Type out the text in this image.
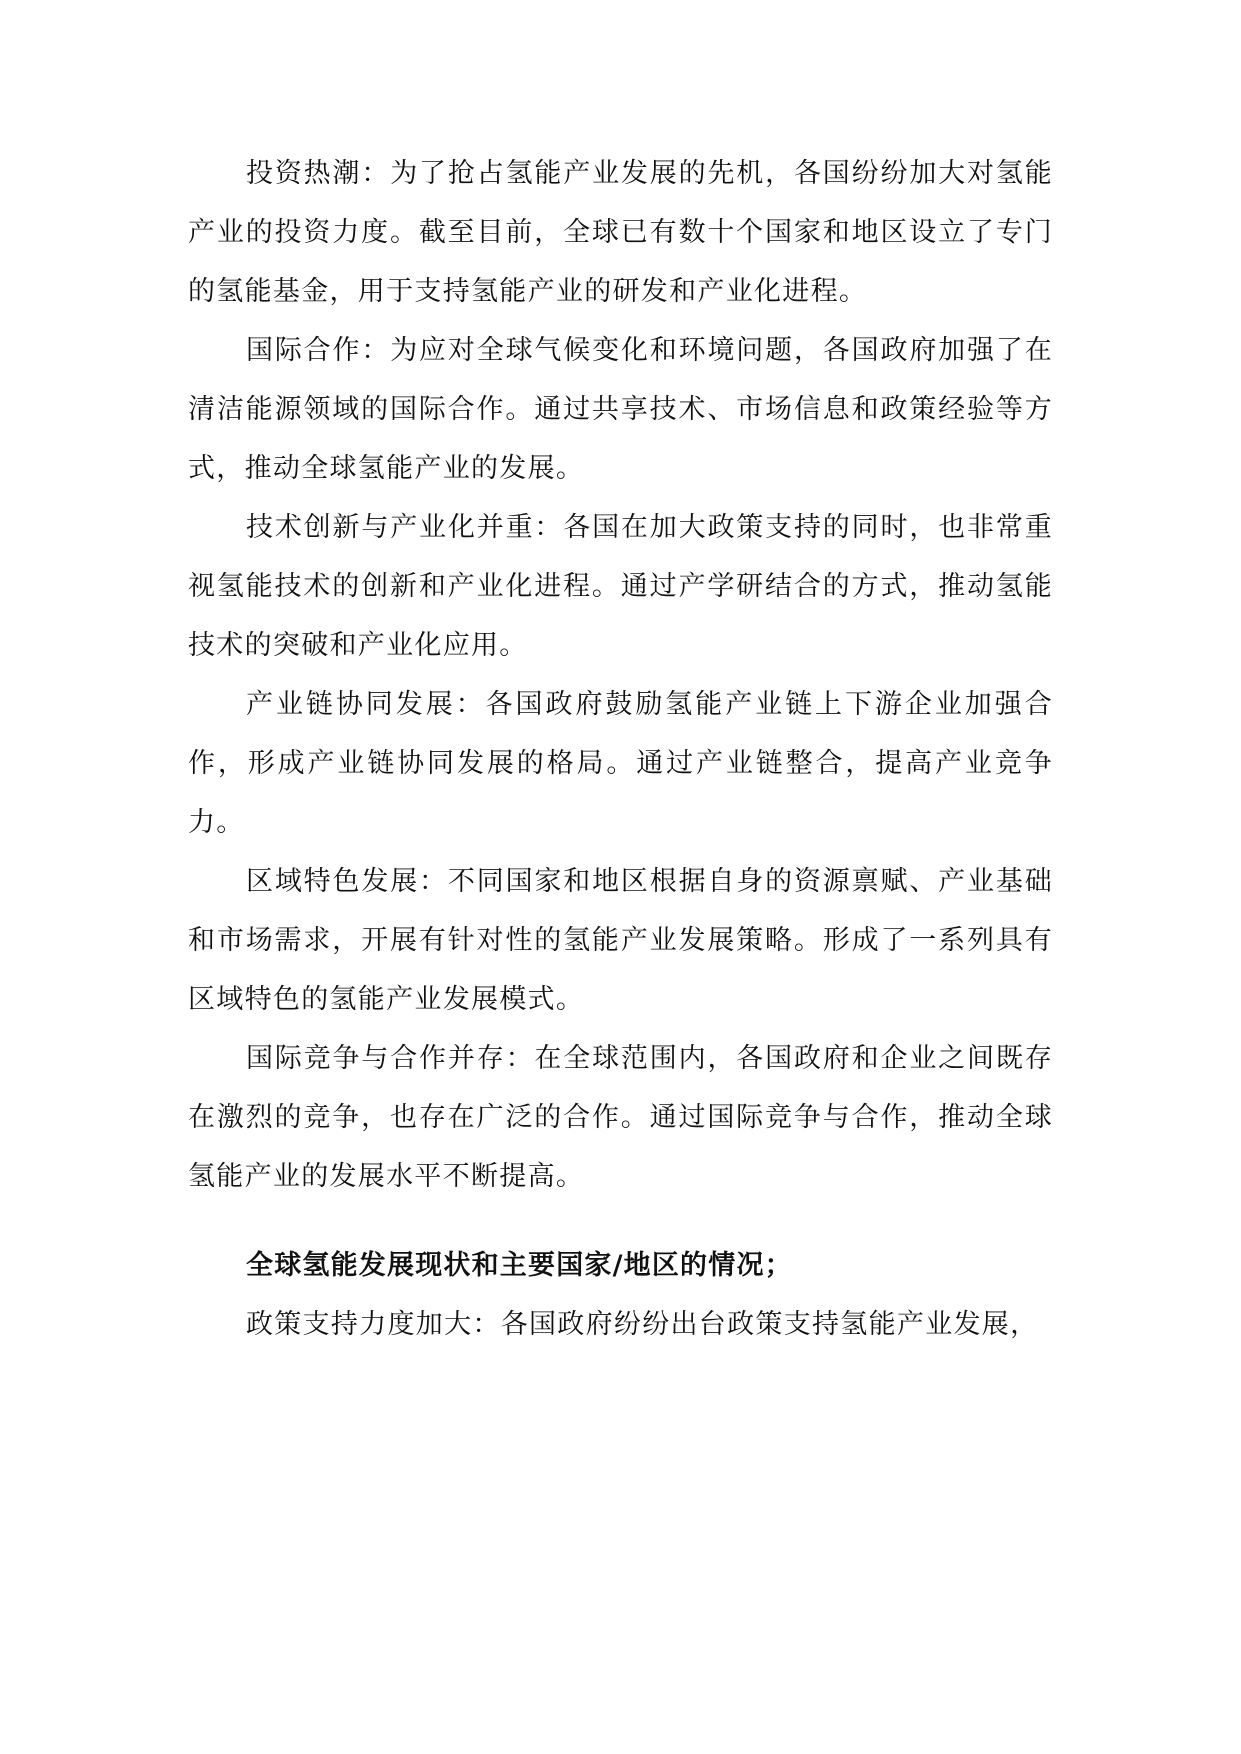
投资热潮：为了抢占氢能产业发展的先机，各国纷纷加大对氢能产业的投资力度。截至目前，全球已有数十个国家和地区设立了专门的氢能基金，用于支持氢能产业的研发和产业化进程。

国际合作：为应对全球气候变化和环境问题，各国政府加强了在清洁能源领域的国际合作。通过共享技术、市场信息和政策经验等方式，推动全球氢能产业的发展。

技术创新与产业化并重：各国在加大政策支持的同时，也非常重视氢能技术的创新和产业化进程。通过产学研结合的方式，推动氢能技术的突破和产业化应用。

产业链协同发展：各国政府鼓励氢能产业链上下游企业加强合作，形成产业链协同发展的格局。通过产业链整合，提高产业竞争力。

区域特色发展：不同国家和地区根据自身的资源禀赋、产业基础和市场需求，开展有针对性的氢能产业发展策略。形成了一系列具有区域特色的氢能产业发展模式。

国际竞争与合作并存：在全球范围内，各国政府和企业之间既存在激烈的竞争，也存在广泛的合作。通过国际竞争与合作，推动全球氢能产业的发展水平不断提高。

全球氢能发展现状和主要国家/地区的情况；

政策支持力度加大：各国政府纷纷出台政策支持氢能产业发展，
